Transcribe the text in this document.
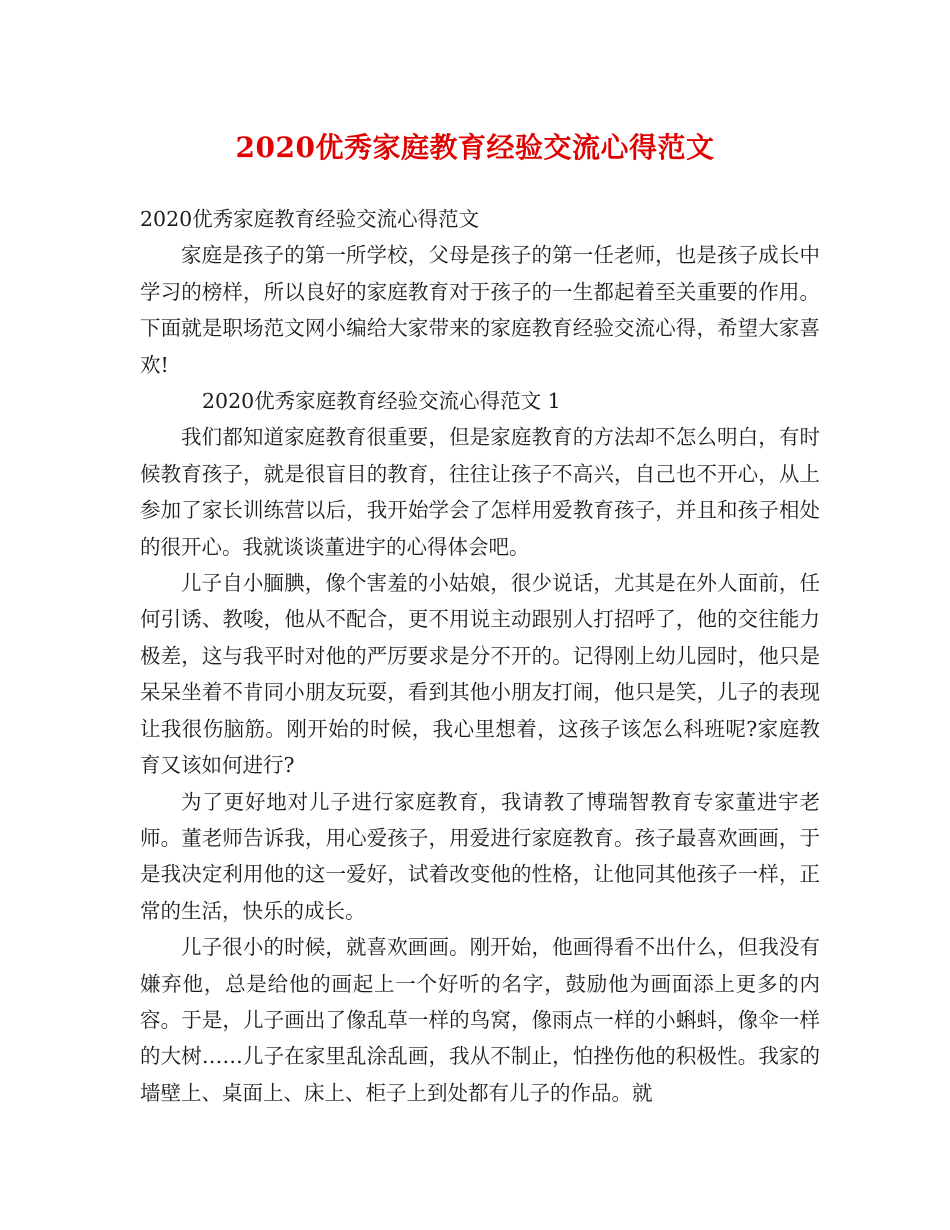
2020优秀家庭教育经验交流心得范文

2020优秀家庭教育经验交流心得范文

家庭是孩子的第一所学校，父母是孩子的第一任老师，也是孩子成长中学习的榜样，所以良好的家庭教育对于孩子的一生都起着至关重要的作用。下面就是职场范文网小编给大家带来的家庭教育经验交流心得，希望大家喜欢!

2020优秀家庭教育经验交流心得范文 1

我们都知道家庭教育很重要，但是家庭教育的方法却不怎么明白，有时候教育孩子，就是很盲目的教育，往往让孩子不高兴，自己也不开心，从上参加了家长训练营以后，我开始学会了怎样用爱教育孩子，并且和孩子相处的很开心。我就谈谈董进宇的心得体会吧。

儿子自小腼腆，像个害羞的小姑娘，很少说话，尤其是在外人面前，任何引诱、教唆，他从不配合，更不用说主动跟别人打招呼了，他的交往能力极差，这与我平时对他的严厉要求是分不开的。记得刚上幼儿园时，他只是呆呆坐着不肯同小朋友玩耍，看到其他小朋友打闹，他只是笑，儿子的表现让我很伤脑筋。刚开始的时候，我心里想着，这孩子该怎么科班呢?家庭教育又该如何进行?

为了更好地对儿子进行家庭教育，我请教了博瑞智教育专家董进宇老师。董老师告诉我，用心爱孩子，用爱进行家庭教育。孩子最喜欢画画，于是我决定利用他的这一爱好，试着改变他的性格，让他同其他孩子一样，正常的生活，快乐的成长。

儿子很小的时候，就喜欢画画。刚开始，他画得看不出什么，但我没有嫌弃他，总是给他的画起上一个好听的名字，鼓励他为画面添上更多的内容。于是，儿子画出了像乱草一样的鸟窝，像雨点一样的小蝌蚪，像伞一样的大树……儿子在家里乱涂乱画，我从不制止，怕挫伤他的积极性。我家的墙壁上、桌面上、床上、柜子上到处都有儿子的作品。就
